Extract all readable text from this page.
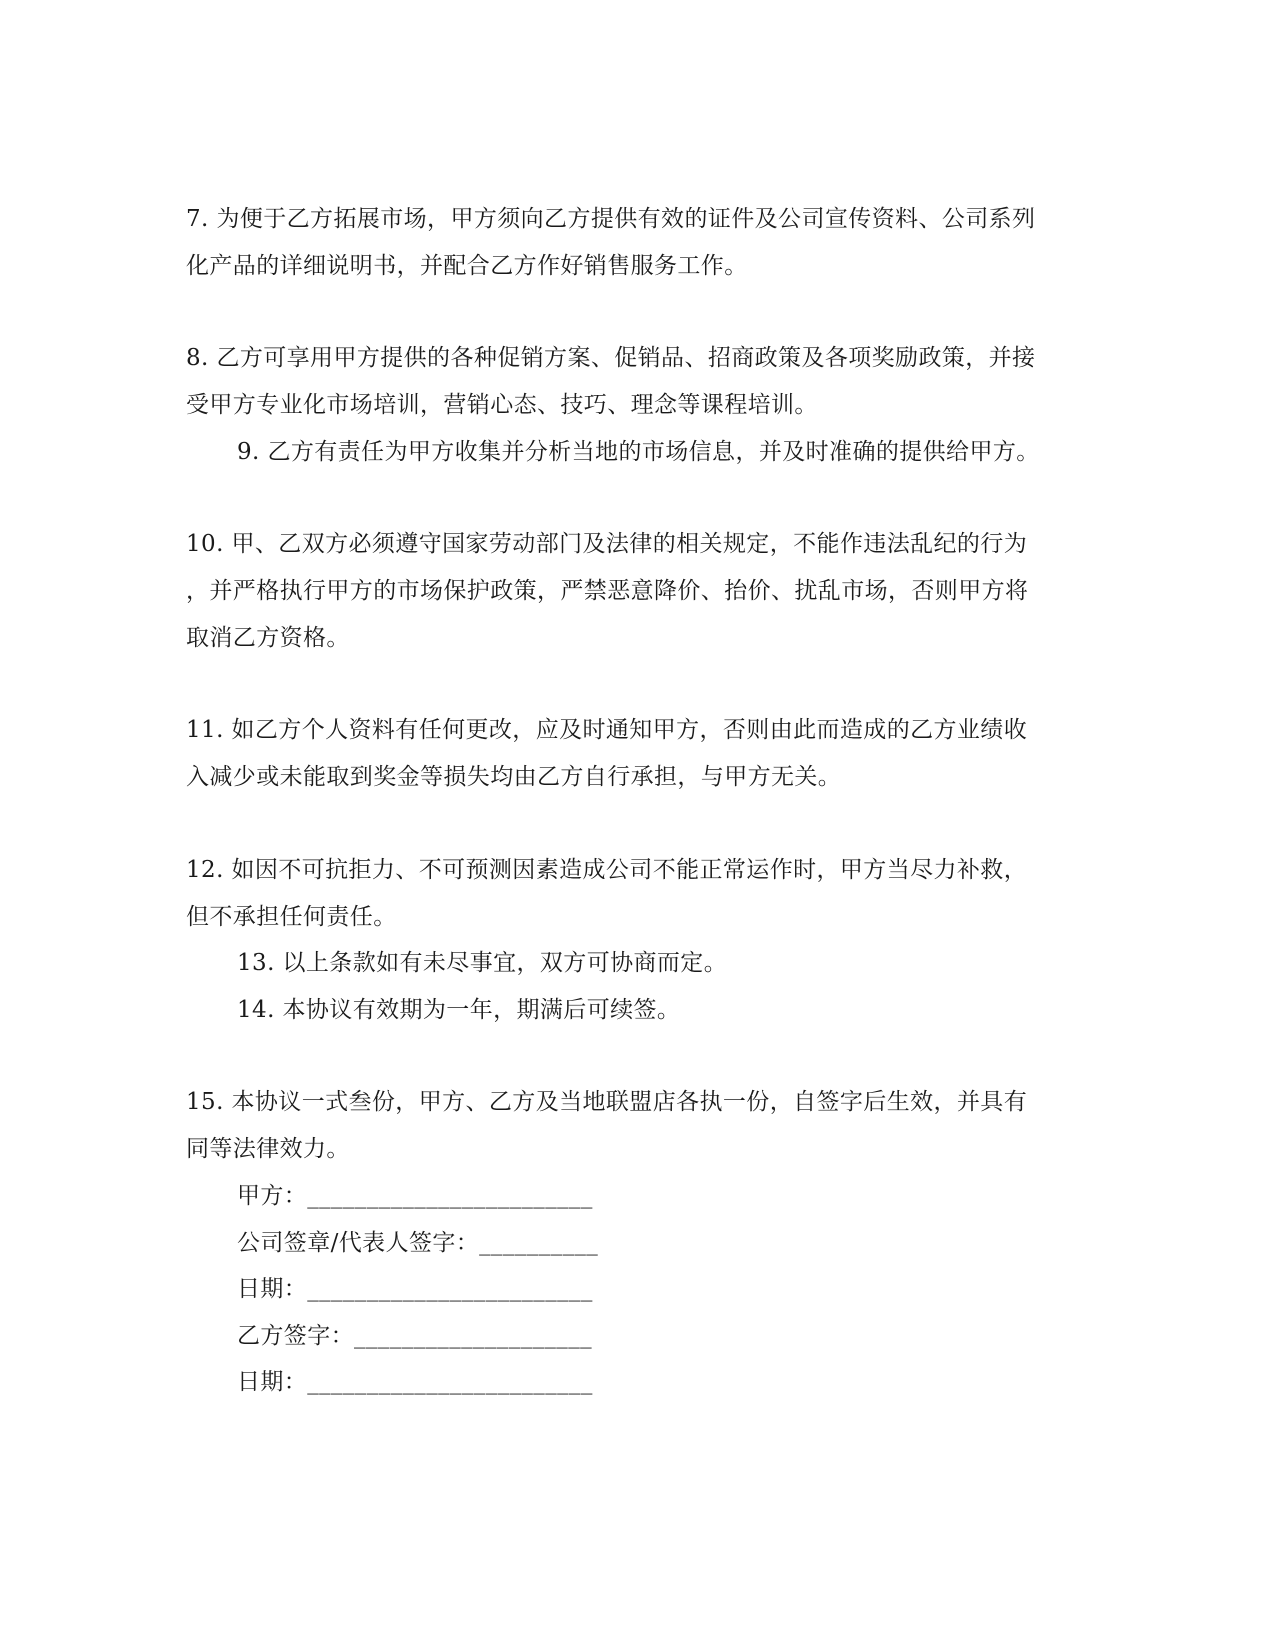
7. 为便于乙方拓展市场，甲方须向乙方提供有效的证件及公司宣传资料、公司系列
化产品的详细说明书，并配合乙方作好销售服务工作。
8. 乙方可享用甲方提供的各种促销方案、促销品、招商政策及各项奖励政策，并接
受甲方专业化市场培训，营销心态、技巧、理念等课程培训。
9. 乙方有责任为甲方收集并分析当地的市场信息，并及时准确的提供给甲方。
10. 甲、乙双方必须遵守国家劳动部门及法律的相关规定，不能作违法乱纪的行为
，并严格执行甲方的市场保护政策，严禁恶意降价、抬价、扰乱市场，否则甲方将
取消乙方资格。
11. 如乙方个人资料有任何更改，应及时通知甲方，否则由此而造成的乙方业绩收
入减少或未能取到奖金等损失均由乙方自行承担，与甲方无关。
12. 如因不可抗拒力、不可预测因素造成公司不能正常运作时，甲方当尽力补救，
但不承担任何责任。
13. 以上条款如有未尽事宜，双方可协商而定。
14. 本协议有效期为一年，期满后可续签。
15. 本协议一式叁份，甲方、乙方及当地联盟店各执一份，自签字后生效，并具有
同等法律效力。
甲方：________________________
公司签章/代表人签字：__________
日期：________________________
乙方签字：____________________
日期：________________________
